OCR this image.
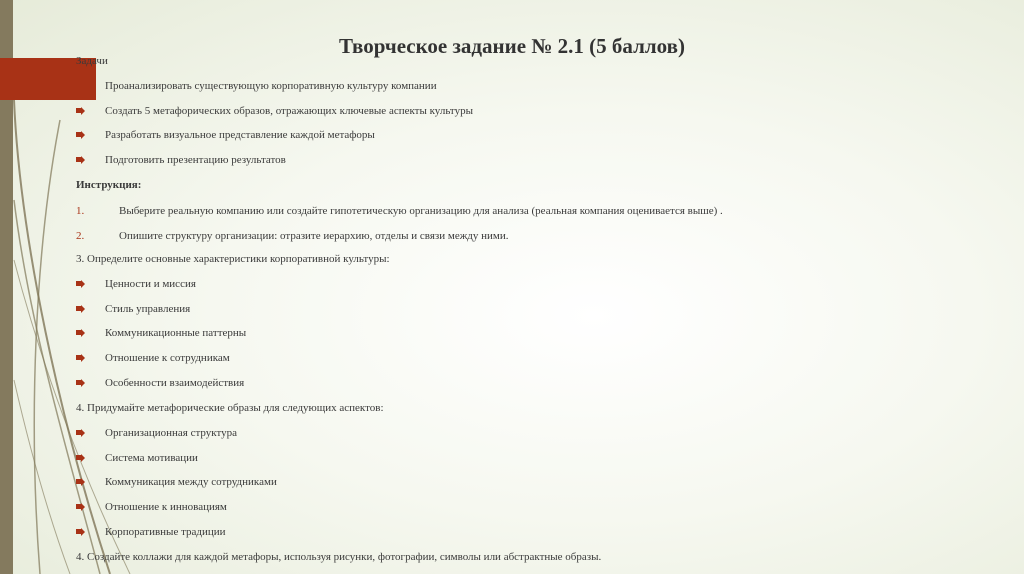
Творческое задание № 2.1 (5 баллов)
Задачи
Проанализировать существующую корпоративную культуру компании
Создать 5 метафорических образов, отражающих ключевые аспекты культуры
Разработать визуальное представление каждой метафоры
Подготовить презентацию результатов
Инструкция:
1.	Выберите реальную компанию или создайте гипотетическую организацию для анализа (реальная компания оценивается выше) .
2.	Опишите структуру организации: отразите иерархию, отделы и связи между ними.
3. Определите основные характеристики корпоративной культуры:
Ценности и миссия
Стиль управления
Коммуникационные паттерны
Отношение к сотрудникам
Особенности взаимодействия
4. Придумайте метафорические образы для следующих аспектов:
Организационная структура
Система мотивации
Коммуникация между сотрудниками
Отношение к инновациям
Корпоративные традиции
4. Создайте коллажи для каждой метафоры, используя рисунки, фотографии, символы или абстрактные образы.
